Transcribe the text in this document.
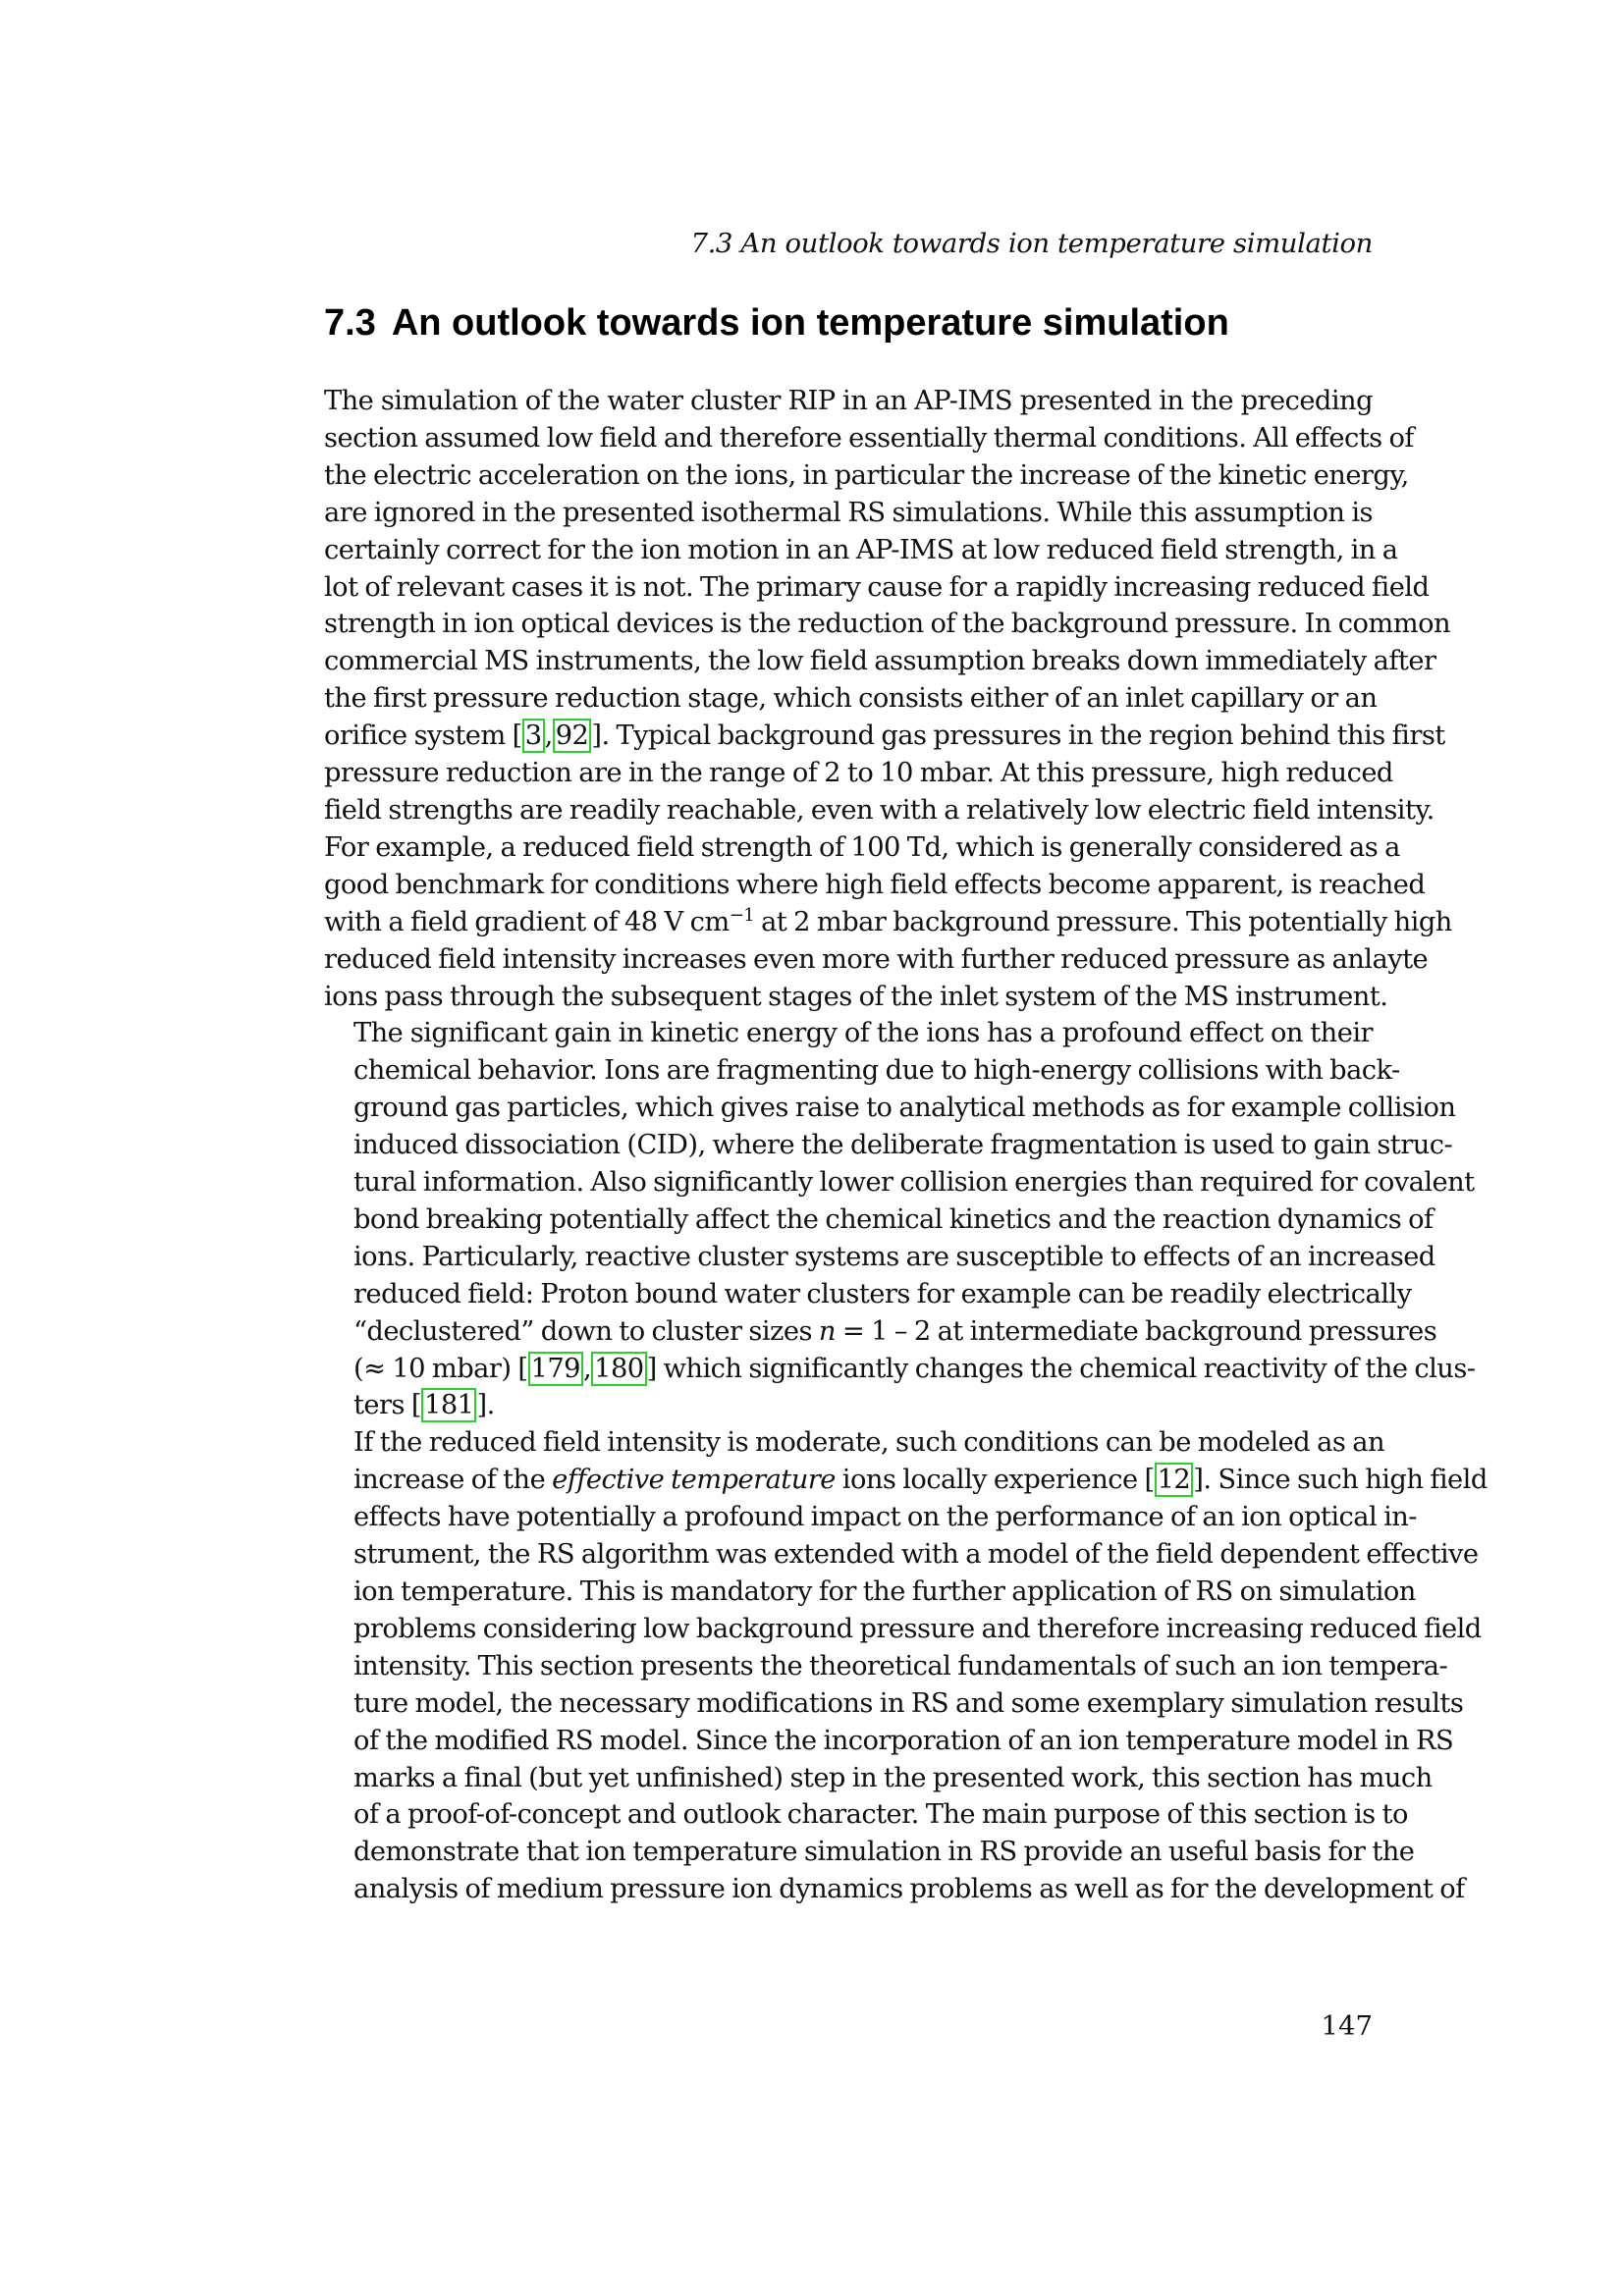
7.3 An outlook towards ion temperature simulation
7.3 An outlook towards ion temperature simulation

The simulation of the water cluster RIP in an AP-IMS presented in the preceding
section assumed low field and therefore essentially thermal conditions. All effects of
the electric acceleration on the ions, in particular the increase of the kinetic energy,
are ignored in the presented isothermal RS simulations. While this assumption is
certainly correct for the ion motion in an AP-IMS at low reduced field strength, in a
lot of relevant cases it is not. The primary cause for a rapidly increasing reduced field
strength in ion optical devices is the reduction of the background pressure. In common
commercial MS instruments, the low field assumption breaks down immediately after
the first pressure reduction stage, which consists either of an inlet capillary or an
orifice system [ 3 , 92 ]. Typical background gas pressures in the region behind this first
pressure reduction are in the range of 2 to 10 mbar. At this pressure, high reduced
field strengths are readily reachable, even with a relatively low electric field intensity.
For example, a reduced field strength of 100 Td, which is generally considered as a
good benchmark for conditions where high field effects become apparent, is reached
with a field gradient of 48 V $cm^{-1}$ at 2 mbar background pressure. This potentially high
reduced field intensity increases even more with further reduced pressure as anlayte
ions pass through the subsequent stages of the inlet system of the MS instrument.

The significant gain in kinetic energy of the ions has a profound effect on their
chemical behavior. Ions are fragmenting due to high-energy collisions with back-
ground gas particles, which gives raise to analytical methods as for example collision
induced dissociation (CID), where the deliberate fragmentation is used to gain struc-
tural information. Also significantly lower collision energies than required for covalent
bond breaking potentially affect the chemical kinetics and the reaction dynamics of
ions. Particularly, reactive cluster systems are susceptible to effects of an increased
reduced field: Proton bound water clusters for example can be readily electrically
“declustered” down to cluster sizes n = 1 – 2 at intermediate background pressures
(≈ 10 mbar) [ 179 , 180 ] which significantly changes the chemical reactivity of the clus-
ters [ 181 ].

If the reduced field intensity is moderate, such conditions can be modeled as an
increase of the effective temperature ions locally experience [ 12 ]. Since such high field
effects have potentially a profound impact on the performance of an ion optical in-
strument, the RS algorithm was extended with a model of the field dependent effective
ion temperature. This is mandatory for the further application of RS on simulation
problems considering low background pressure and therefore increasing reduced field
intensity. This section presents the theoretical fundamentals of such an ion tempera-
ture model, the necessary modifications in RS and some exemplary simulation results
of the modified RS model. Since the incorporation of an ion temperature model in RS
marks a final (but yet unfinished) step in the presented work, this section has much
of a proof-of-concept and outlook character. The main purpose of this section is to
demonstrate that ion temperature simulation in RS provide an useful basis for the
analysis of medium pressure ion dynamics problems as well as for the development of

147
